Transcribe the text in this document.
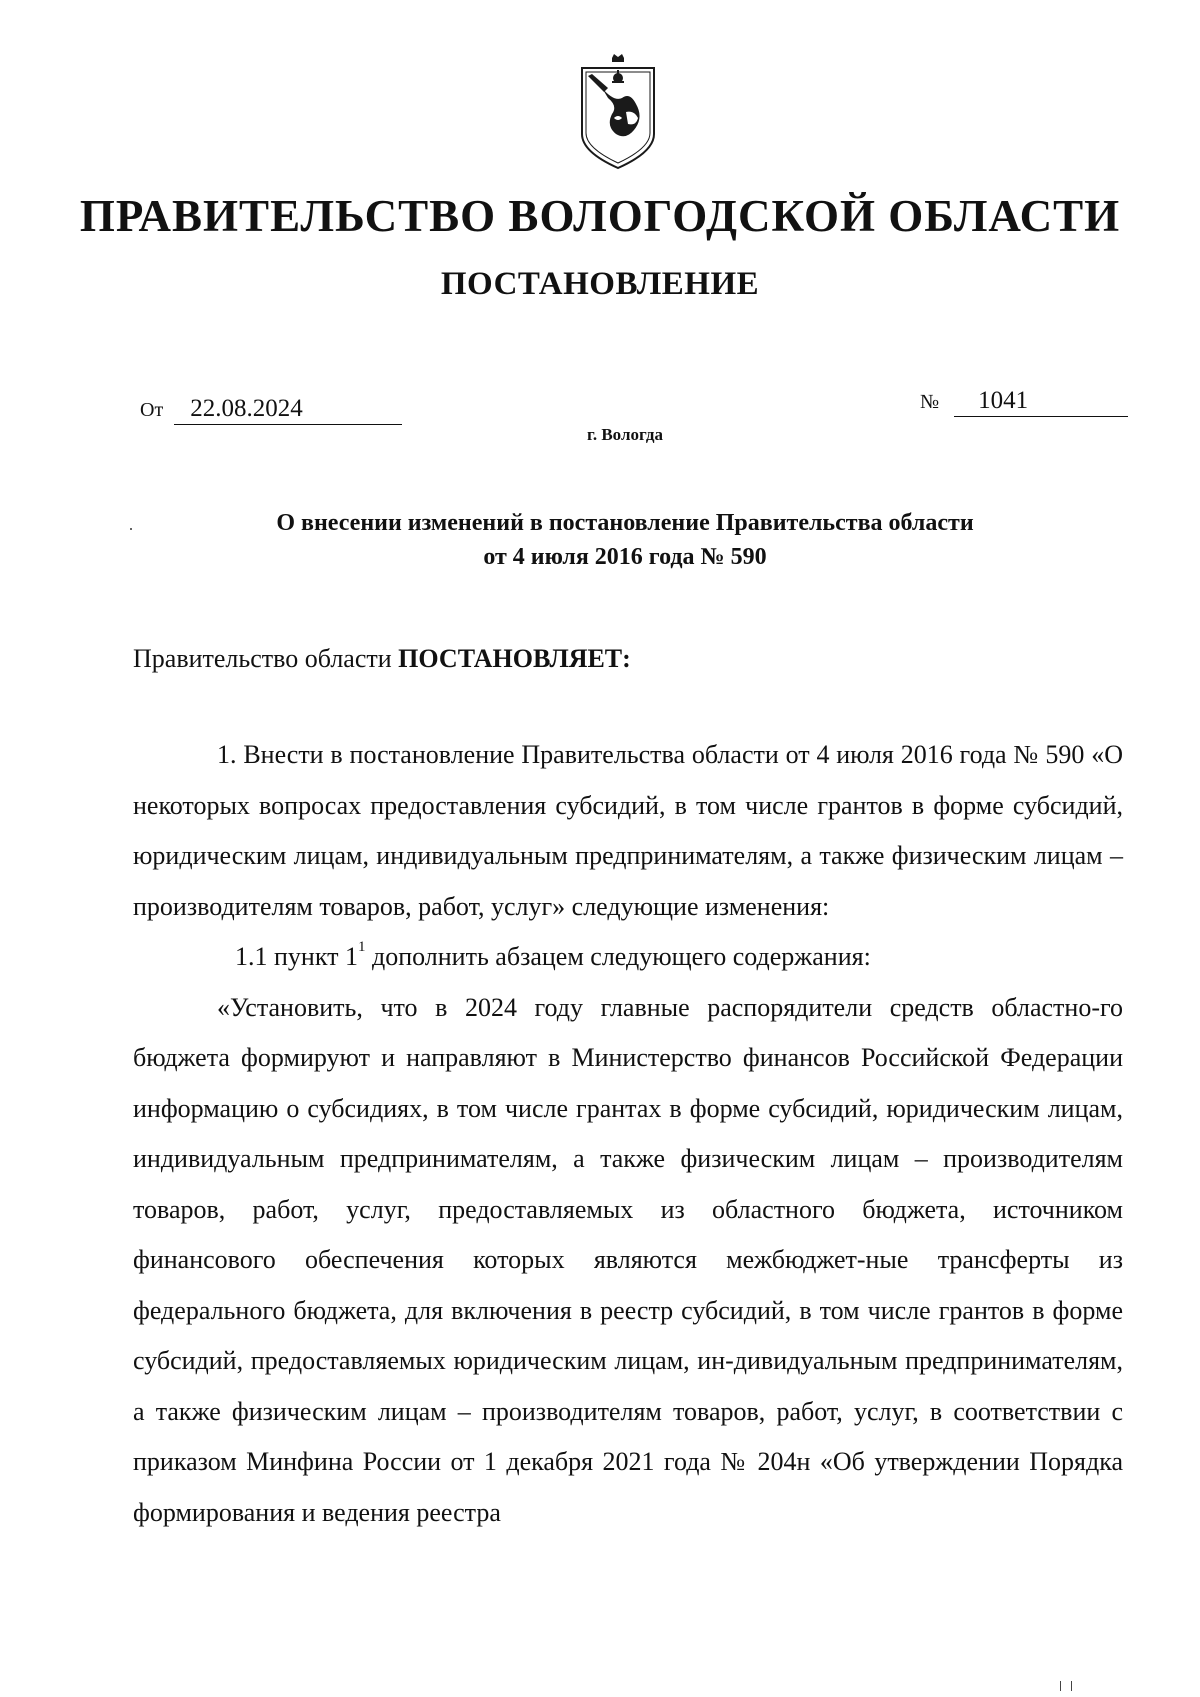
ПРАВИТЕЛЬСТВО ВОЛОГОДСКОЙ ОБЛАСТИ
ПОСТАНОВЛЕНИЕ
От 22.08.2024	№ 1041
г. Вологда
О внесении изменений в постановление Правительства области
от 4 июля 2016 года № 590
Правительство области ПОСТАНОВЛЯЕТ:

1. Внести в постановление Правительства области от 4 июля 2016 года № 590 «О некоторых вопросах предоставления субсидий, в том числе грантов в форме субсидий, юридическим лицам, индивидуальным предпринимателям, а также физическим лицам – производителям товаров, работ, услуг» следующие изменения:

1.1 пункт $1^1$ дополнить абзацем следующего содержания:

«Установить, что в 2024 году главные распорядители средств областно-го бюджета формируют и направляют в Министерство финансов Российской Федерации информацию о субсидиях, в том числе грантах в форме субсидий, юридическим лицам, индивидуальным предпринимателям, а также физическим лицам – производителям товаров, работ, услуг, предоставляемых из областного бюджета, источником финансового обеспечения которых являются межбюджет-ные трансферты из федерального бюджета, для включения в реестр субсидий, в том числе грантов в форме субсидий, предоставляемых юридическим лицам, ин-дивидуальным предпринимателям, а также физическим лицам – производителям товаров, работ, услуг, в соответствии с приказом Минфина России от 1 декабря 2021 года № 204н «Об утверждении Порядка формирования и ведения реестра
